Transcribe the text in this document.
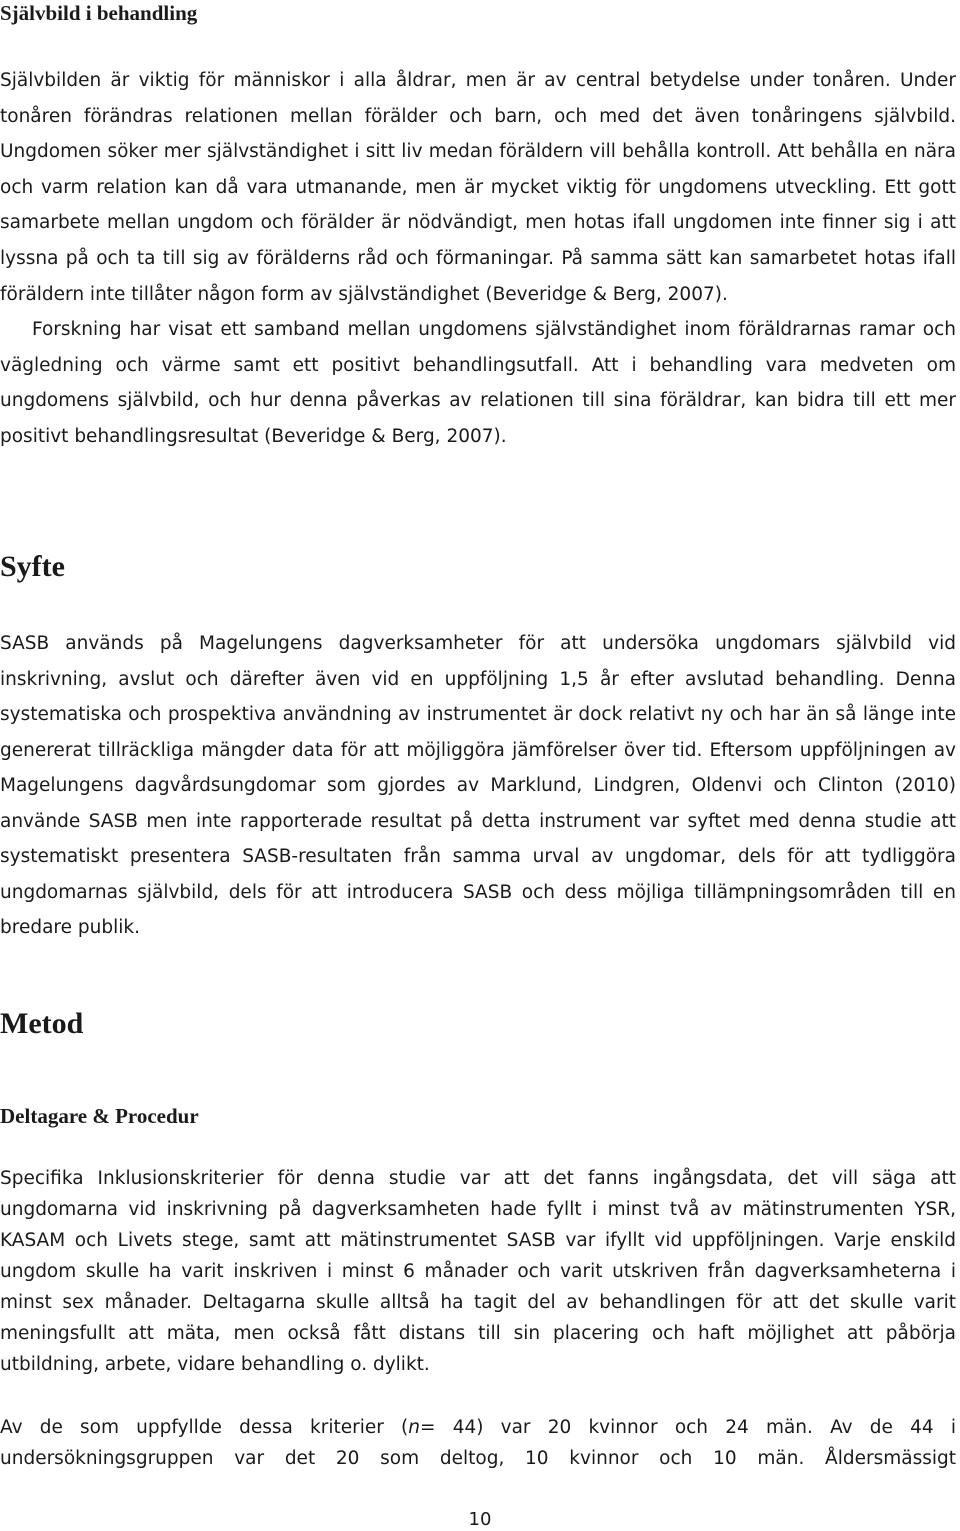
Självbild i behandling

Självbilden är viktig för människor i alla åldrar, men är av central betydelse under tonåren. Under tonåren förändras relationen mellan förälder och barn, och med det även tonåringens självbild. Ungdomen söker mer självständighet i sitt liv medan föräldern vill behålla kontroll. Att behålla en nära och varm relation kan då vara utmanande, men är mycket viktig för ungdomens utveckling. Ett gott samarbete mellan ungdom och förälder är nödvändigt, men hotas ifall ungdomen inte finner sig i att lyssna på och ta till sig av förälderns råd och förmaningar. På samma sätt kan samarbetet hotas ifall föräldern inte tillåter någon form av självständighet (Beveridge & Berg, 2007).

Forskning har visat ett samband mellan ungdomens självständighet inom föräldrarnas ramar och vägledning och värme samt ett positivt behandlingsutfall. Att i behandling vara medveten om ungdomens självbild, och hur denna påverkas av relationen till sina föräldrar, kan bidra till ett mer positivt behandlingsresultat (Beveridge & Berg, 2007).

Syfte

SASB används på Magelungens dagverksamheter för att undersöka ungdomars självbild vid inskrivning, avslut och därefter även vid en uppföljning 1,5 år efter avslutad behandling. Denna systematiska och prospektiva användning av instrumentet är dock relativt ny och har än så länge inte genererat tillräckliga mängder data för att möjliggöra jämförelser över tid. Eftersom uppföljningen av Magelungens dagvårdsungdomar som gjordes av Marklund, Lindgren, Oldenvi och Clinton (2010) använde SASB men inte rapporterade resultat på detta instrument var syftet med denna studie att systematiskt presentera SASB-resultaten från samma urval av ungdomar, dels för att tydliggöra ungdomarnas självbild, dels för att introducera SASB och dess möjliga tillämpningsområden till en bredare publik.

Metod
Deltagare & Procedur

Specifika Inklusionskriterier för denna studie var att det fanns ingångsdata, det vill säga att ungdomarna vid inskrivning på dagverksamheten hade fyllt i minst två av mätinstrumenten YSR, KASAM och Livets stege, samt att mätinstrumentet SASB var ifyllt vid uppföljningen. Varje enskild ungdom skulle ha varit inskriven i minst 6 månader och varit utskriven från dagverksamheterna i minst sex månader. Deltagarna skulle alltså ha tagit del av behandlingen för att det skulle varit meningsfullt att mäta, men också fått distans till sin placering och haft möjlighet att påbörja utbildning, arbete, vidare behandling o. dylikt.

Av de som uppfyllde dessa kriterier (n= 44) var 20 kvinnor och 24 män. Av de 44 i undersökningsgruppen var det 20 som deltog, 10 kvinnor och 10 män. Åldersmässigt

10
